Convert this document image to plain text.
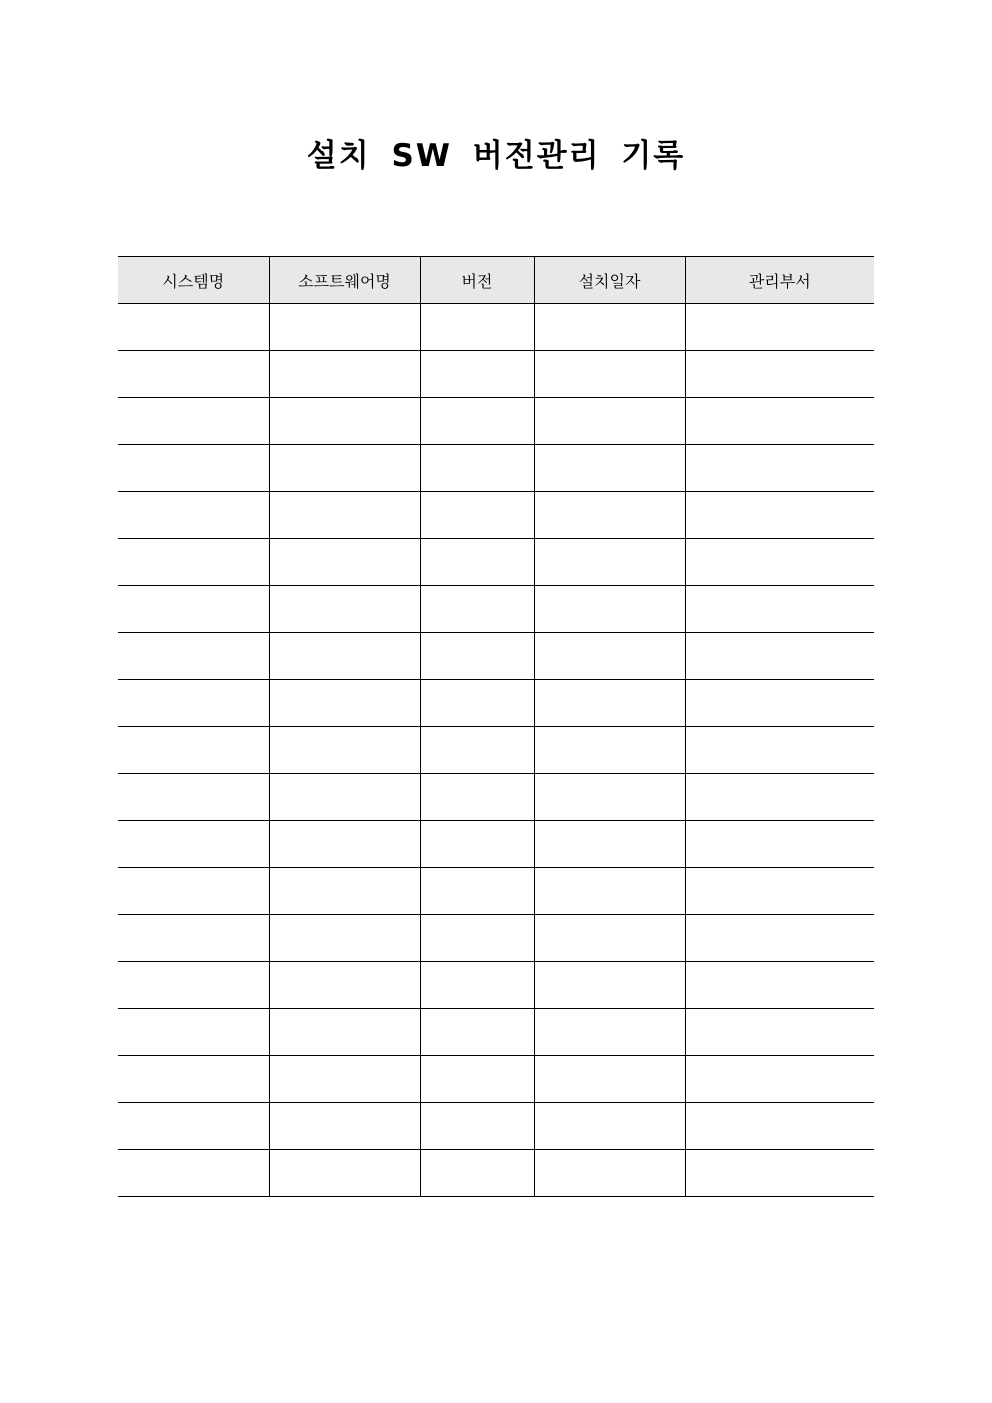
설치 SW 버전관리 기록
시스템명	소프트웨어명	버전	설치일자	관리부서
